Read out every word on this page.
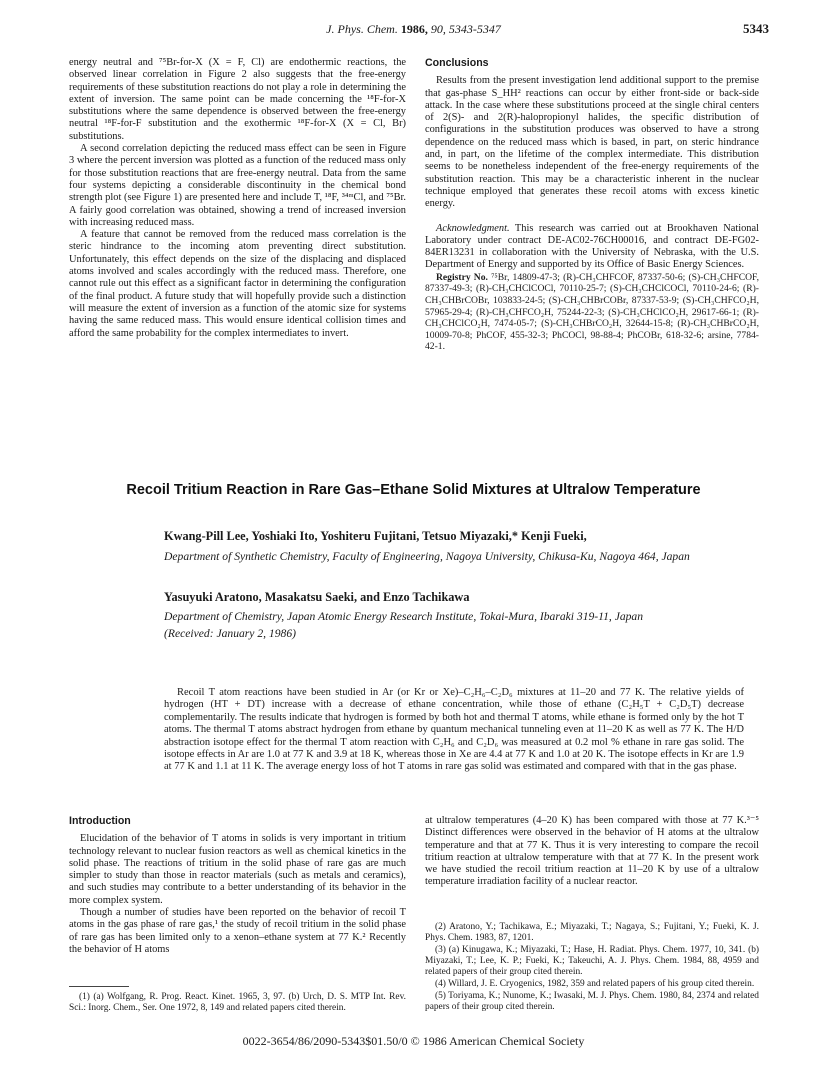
J. Phys. Chem. 1986, 90, 5343-5347	5343

energy neutral and ⁷⁵Br-for-X (X = F, Cl) are endothermic reactions, the observed linear correlation in Figure 2 also suggests that the free-energy requirements of these substitution reactions do not play a role in determining the extent of inversion. The same point can be made concerning the ¹⁸F-for-X substitutions where the same dependence is observed between the free-energy neutral ¹⁸F-for-F substitution and the exothermic ¹⁸F-for-X (X = Cl, Br) substitutions.

A second correlation depicting the reduced mass effect can be seen in Figure 3 where the percent inversion was plotted as a function of the reduced mass only for those substitution reactions that are free-energy neutral. Data from the same four systems depicting a considerable discontinuity in the chemical bond strength plot (see Figure 1) are presented here and include T, ¹⁸F, ³⁴ᵐCl, and ⁷⁵Br. A fairly good correlation was obtained, showing a trend of increased inversion with increasing reduced mass.

A feature that cannot be removed from the reduced mass correlation is the steric hindrance to the incoming atom preventing direct substitution. Unfortunately, this effect depends on the size of the displacing and displaced atoms involved and scales accordingly with the reduced mass. Therefore, one cannot rule out this effect as a significant factor in determining the configuration of the final product. A future study that will hopefully provide such a distinction will measure the extent of inversion as a function of the atomic size for systems having the same reduced mass. This would ensure identical collision times and afford the same probability for the complex intermediates to invert.

Conclusions

Results from the present investigation lend additional support to the premise that gas-phase S_HH² reactions can occur by either front-side or back-side attack. In the case where these substitutions proceed at the single chiral centers of 2(S)- and 2(R)-halopropionyl halides, the specific distribution of configurations in the substitution produces was observed to have a strong dependence on the reduced mass which is based, in part, on steric hindrance and, in part, on the lifetime of the complex intermediate. This distribution seems to be nonetheless independent of the free-energy requirements of the substitution reaction. This may be a characteristic inherent in the nuclear technique employed that generates these recoil atoms with excess kinetic energy.

Acknowledgment. This research was carried out at Brookhaven National Laboratory under contract DE-AC02-76CH00016, and contract DE-FG02-84ER13231 in collaboration with the University of Nebraska, with the U.S. Department of Energy and supported by its Office of Basic Energy Sciences.

Registry No. ⁷⁵Br, 14809-47-3; (R)-CH₃CHFCOF, 87337-50-6; (S)-CH₃CHFCOF, 87337-49-3; (R)-CH₃CHClCOCl, 70110-25-7; (S)-CH₃CHClCOCl, 70110-24-6; (R)-CH₃CHBrCOBr, 103833-24-5; (S)-CH₃CHBrCOBr, 87337-53-9; (S)-CH₃CHFCO₂H, 57965-29-4; (R)-CH₃CHFCO₂H, 75244-22-3; (S)-CH₃CHClCO₂H, 29617-66-1; (R)-CH₃CHClCO₂H, 7474-05-7; (S)-CH₃CHBrCO₂H, 32644-15-8; (R)-CH₃CHBrCO₂H, 10009-70-8; PhCOF, 455-32-3; PhCOCl, 98-88-4; PhCOBr, 618-32-6; arsine, 7784-42-1.

Recoil Tritium Reaction in Rare Gas–Ethane Solid Mixtures at Ultralow Temperature
Kwang-Pill Lee, Yoshiaki Ito, Yoshiteru Fujitani, Tetsuo Miyazaki,* Kenji Fueki,
Department of Synthetic Chemistry, Faculty of Engineering, Nagoya University, Chikusa-Ku, Nagoya 464, Japan
Yasuyuki Aratono, Masakatsu Saeki, and Enzo Tachikawa
Department of Chemistry, Japan Atomic Energy Research Institute, Tokai-Mura, Ibaraki 319-11, Japan
(Received: January 2, 1986)
Recoil T atom reactions have been studied in Ar (or Kr or Xe)–C₂H₆–C₂D₆ mixtures at 11–20 and 77 K. The relative yields of hydrogen (HT + DT) increase with a decrease of ethane concentration, while those of ethane (C₂H₅T + C₂D₅T) decrease complementarily. The results indicate that hydrogen is formed by both hot and thermal T atoms, while ethane is formed only by the hot T atoms. The thermal T atoms abstract hydrogen from ethane by quantum mechanical tunneling even at 11–20 K as well as 77 K. The H/D abstraction isotope effect for the thermal T atom reaction with C₂H₆ and C₂D₆ was measured at 0.2 mol % ethane in rare gas solid. The isotope effects in Ar are 1.0 at 77 K and 3.9 at 18 K, whereas those in Xe are 4.4 at 77 K and 1.0 at 20 K. The isotope effects in Kr are 1.9 at 77 K and 1.1 at 11 K. The average energy loss of hot T atoms in rare gas solid was estimated and compared with that in the gas phase.
Introduction

Elucidation of the behavior of T atoms in solids is very important in tritium technology relevant to nuclear fusion reactors as well as chemical kinetics in the solid phase. The reactions of tritium in the solid phase of rare gas are much simpler to study than those in reactor materials (such as metals and ceramics), and such studies may contribute to a better understanding of its behavior in the more complex system.

Though a number of studies have been reported on the behavior of recoil T atoms in the gas phase of rare gas,¹ the study of recoil tritium in the solid phase of rare gas has been limited only to a xenon–ethane system at 77 K.² Recently the behavior of H atoms

at ultralow temperatures (4–20 K) has been compared with those at 77 K.³⁻⁵ Distinct differences were observed in the behavior of H atoms at the ultralow temperature and that at 77 K. Thus it is very interesting to compare the recoil tritium reaction at ultralow temperature with that at 77 K. In the present work we have studied the recoil tritium reaction at 11–20 K by use of a ultralow temperature irradiation facility of a nuclear reactor.

(1) (a) Wolfgang, R. Prog. React. Kinet. 1965, 3, 97. (b) Urch, D. S. MTP Int. Rev. Sci.: Inorg. Chem., Ser. One 1972, 8, 149 and related papers cited therein.

(2) Aratono, Y.; Tachikawa, E.; Miyazaki, T.; Nagaya, S.; Fujitani, Y.; Fueki, K. J. Phys. Chem. 1983, 87, 1201.

(3) (a) Kinugawa, K.; Miyazaki, T.; Hase, H. Radiat. Phys. Chem. 1977, 10, 341. (b) Miyazaki, T.; Lee, K. P.; Fueki, K.; Takeuchi, A. J. Phys. Chem. 1984, 88, 4959 and related papers of their group cited therein.

(4) Willard, J. E. Cryogenics, 1982, 359 and related papers of his group cited therein.

(5) Toriyama, K.; Nunome, K.; Iwasaki, M. J. Phys. Chem. 1980, 84, 2374 and related papers of their group cited therein.

0022-3654/86/2090-5343$01.50/0 © 1986 American Chemical Society
